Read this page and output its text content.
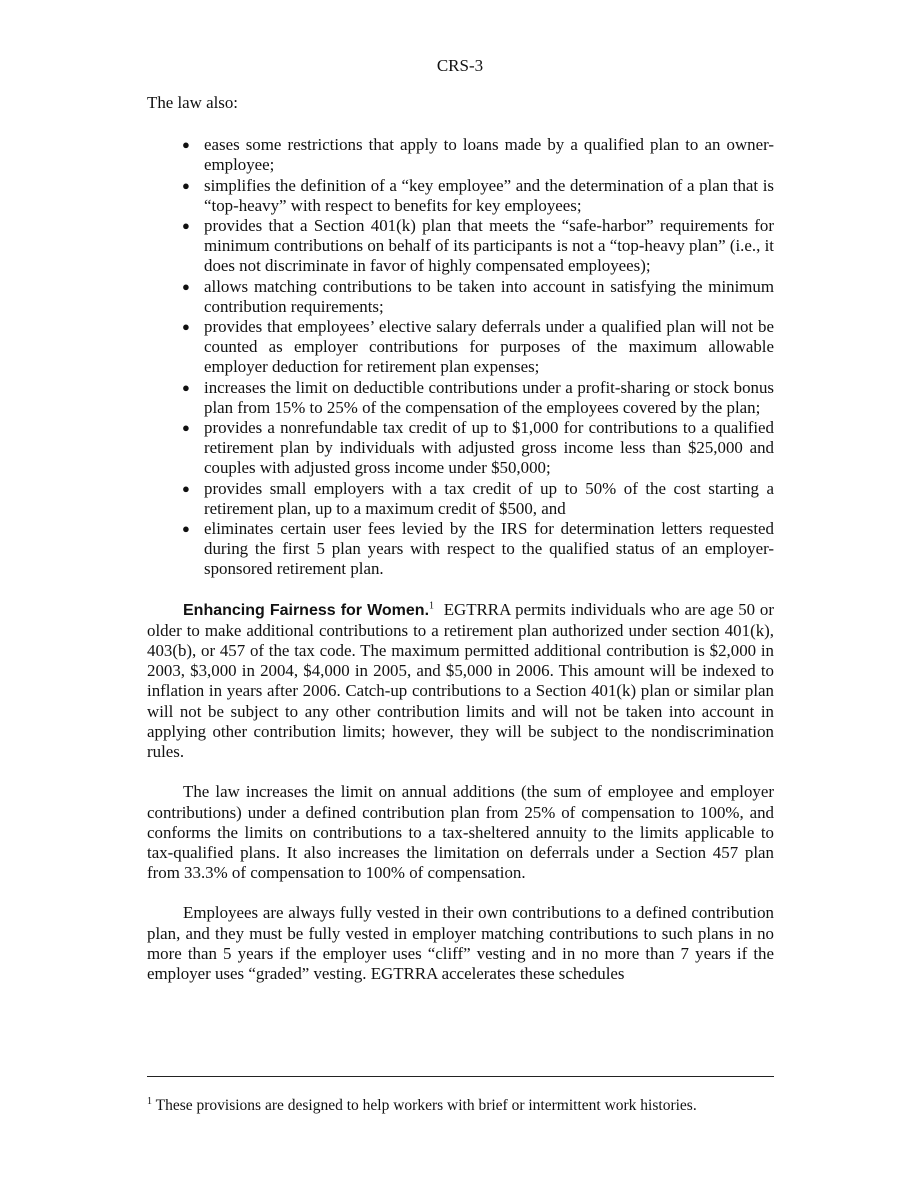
CRS-3

The law also:

● eases some restrictions that apply to loans made by a qualified plan to an owner-employee;
● simplifies the definition of a “key employee” and the determination of a plan that is “top-heavy” with respect to benefits for key employees;
● provides that a Section 401(k) plan that meets the “safe-harbor” requirements for minimum contributions on behalf of its participants is not a “top-heavy plan” (i.e., it does not discriminate in favor of highly compensated employees);
● allows matching contributions to be taken into account in satisfying the minimum contribution requirements;
● provides that employees’ elective salary deferrals under a qualified plan will not be counted as employer contributions for purposes of the maximum allowable employer deduction for retirement plan expenses;
● increases the limit on deductible contributions under a profit-sharing or stock bonus plan from 15% to 25% of the compensation of the employees covered by the plan;
● provides a nonrefundable tax credit of up to $1,000 for contributions to a qualified retirement plan by individuals with adjusted gross income less than $25,000 and couples with adjusted gross income under $50,000;
● provides small employers with a tax credit of up to 50% of the cost starting a retirement plan, up to a maximum credit of $500, and
● eliminates certain user fees levied by the IRS for determination letters requested during the first 5 plan years with respect to the qualified status of an employer-sponsored retirement plan.

Enhancing Fairness for Women.$^1$ EGTRRA permits individuals who are age 50 or older to make additional contributions to a retirement plan authorized under section 401(k), 403(b), or 457 of the tax code. The maximum permitted additional contribution is $2,000 in 2003, $3,000 in 2004, $4,000 in 2005, and $5,000 in 2006. This amount will be indexed to inflation in years after 2006. Catch-up contributions to a Section 401(k) plan or similar plan will not be subject to any other contribution limits and will not be taken into account in applying other contribution limits; however, they will be subject to the nondiscrimination rules.

The law increases the limit on annual additions (the sum of employee and employer contributions) under a defined contribution plan from 25% of compensation to 100%, and conforms the limits on contributions to a tax-sheltered annuity to the limits applicable to tax-qualified plans. It also increases the limitation on deferrals under a Section 457 plan from 33.3% of compensation to 100% of compensation.

Employees are always fully vested in their own contributions to a defined contribution plan, and they must be fully vested in employer matching contributions to such plans in no more than 5 years if the employer uses “cliff” vesting and in no more than 7 years if the employer uses “graded” vesting. EGTRRA accelerates these schedules

$^1$ These provisions are designed to help workers with brief or intermittent work histories.
